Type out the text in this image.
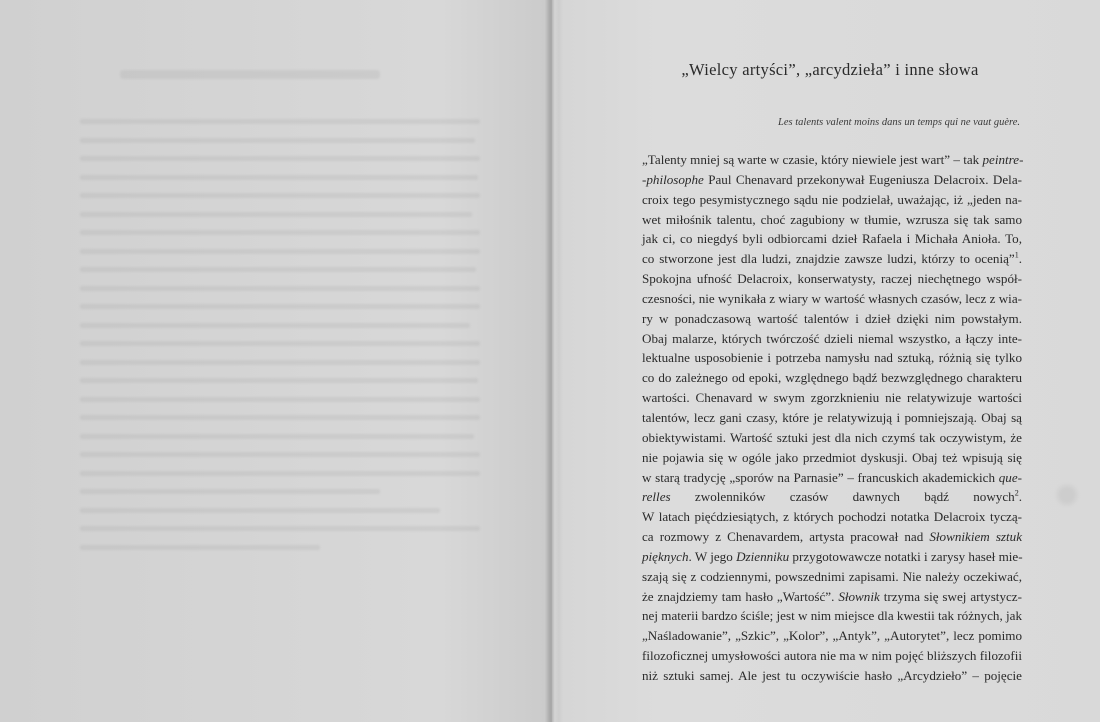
„Wielcy artyści”, „arcydzieła” i inne słowa
Les talents valent moins dans un temps qui ne vaut guère.
„Talenty mniej są warte w czasie, który niewiele jest wart” – tak peintre-
-philosophe Paul Chenavard przekonywał Eugeniusza Delacroix. Dela-
croix tego pesymistycznego sądu nie podzielał, uważając, iż „jeden na-
wet miłośnik talentu, choć zagubiony w tłumie, wzrusza się tak samo
jak ci, co niegdyś byli odbiorcami dzieł Rafaela i Michała Anioła. To,
co stworzone jest dla ludzi, znajdzie zawsze ludzi, którzy to ocenią”$^1$.
Spokojna ufność Delacroix, konserwatysty, raczej niechętnego współ-
czesności, nie wynikała z wiary w wartość własnych czasów, lecz z wia-
ry w ponadczasową wartość talentów i dzieł dzięki nim powstałym.
Obaj malarze, których twórczość dzieli niemal wszystko, a łączy inte-
lektualne usposobienie i potrzeba namysłu nad sztuką, różnią się tylko
co do zależnego od epoki, względnego bądź bezwzględnego charakteru
wartości. Chenavard w swym zgorzknieniu nie relatywizuje wartości
talentów, lecz gani czasy, które je relatywizują i pomniejszają. Obaj są
obiektywistami. Wartość sztuki jest dla nich czymś tak oczywistym, że
nie pojawia się w ogóle jako przedmiot dyskusji. Obaj też wpisują się
w starą tradycję „sporów na Parnasie” – francuskich akademickich que-
relles zwolenników czasów dawnych bądź nowych$^2$.
W latach pięćdziesiątych, z których pochodzi notatka Delacroix tyczą-
ca rozmowy z Chenavardem, artysta pracował nad Słownikiem sztuk
pięknych. W jego Dzienniku przygotowawcze notatki i zarysy haseł mie-
szają się z codziennymi, powszednimi zapisami. Nie należy oczekiwać,
że znajdziemy tam hasło „Wartość”. Słownik trzyma się swej artystycz-
nej materii bardzo ściśle; jest w nim miejsce dla kwestii tak różnych, jak
„Naśladowanie”, „Szkic”, „Kolor”, „Antyk”, „Autorytet”, lecz pomimo
filozoficznej umysłowości autora nie ma w nim pojęć bliższych filozofii
niż sztuki samej. Ale jest tu oczywiście hasło „Arcydzieło” – pojęcie
